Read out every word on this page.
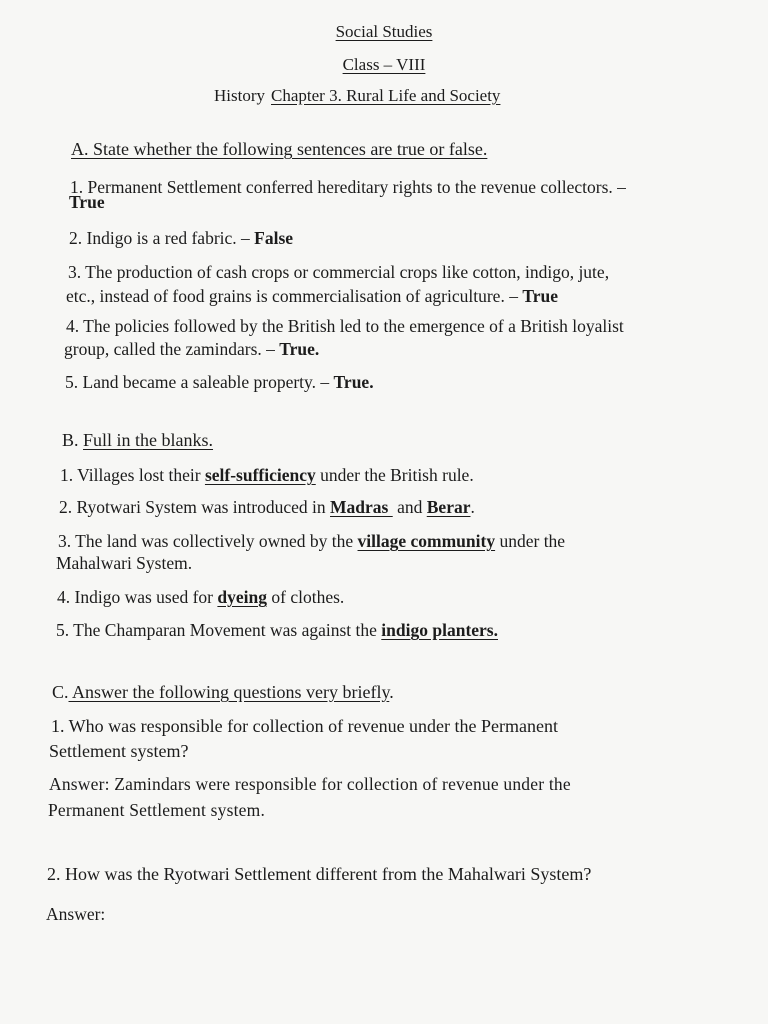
Social Studies
Class – VIII
History Chapter 3. Rural Life and Society
A. State whether the following sentences are true or false.
1. Permanent Settlement conferred hereditary rights to the revenue collectors. –
True
2. Indigo is a red fabric. – False
3. The production of cash crops or commercial crops like cotton, indigo, jute,
etc., instead of food grains is commercialisation of agriculture. – True
4. The policies followed by the British led to the emergence of a British loyalist
group, called the zamindars. – True.
5. Land became a saleable property. – True.
B. Full in the blanks.
1. Villages lost their self-sufficiency under the British rule.
2. Ryotwari System was introduced in Madras  and Berar.
3. The land was collectively owned by the village community under the
Mahalwari System.
4. Indigo was used for dyeing of clothes.
5. The Champaran Movement was against the indigo planters.
C. Answer the following questions very briefly.
1. Who was responsible for collection of revenue under the Permanent
Settlement system?
Answer: Zamindars were responsible for collection of revenue under the
Permanent Settlement system.
2. How was the Ryotwari Settlement different from the Mahalwari System?
Answer:
